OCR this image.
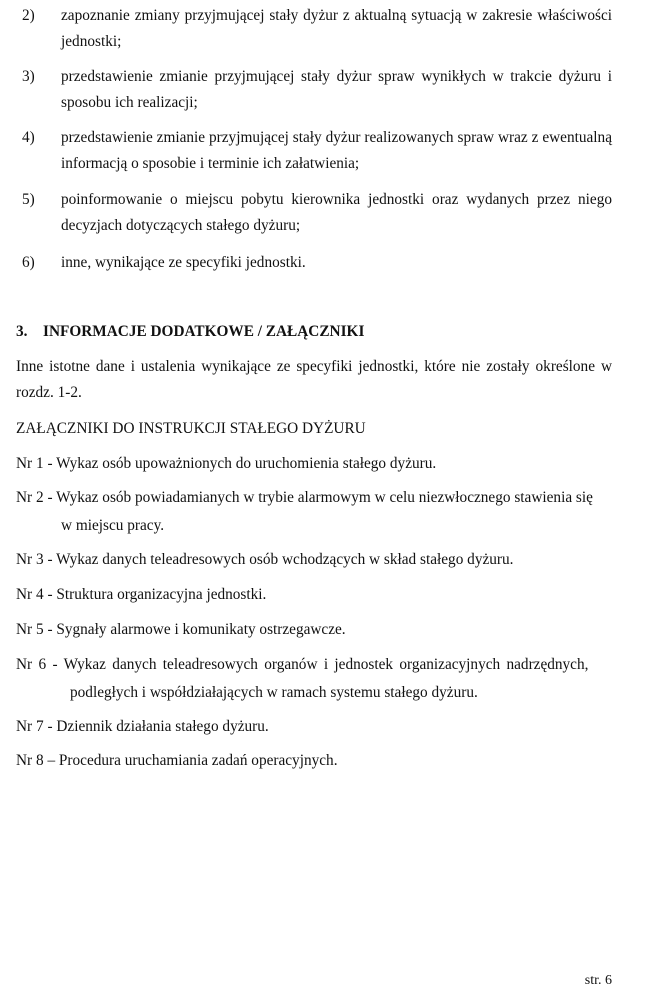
2)	zapoznanie zmiany przyjmującej stały dyżur z aktualną sytuacją w zakresie właściwości jednostki;
3)	przedstawienie zmianie przyjmującej stały dyżur spraw wynikłych w trakcie dyżuru i sposobu ich realizacji;
4)	przedstawienie zmianie przyjmującej stały dyżur realizowanych spraw wraz z ewentualną informacją o sposobie i terminie ich załatwienia;
5)	poinformowanie o miejscu pobytu kierownika jednostki oraz wydanych przez niego decyzjach dotyczących stałego dyżuru;
6)	inne, wynikające ze specyfiki jednostki.
3. INFORMACJE DODATKOWE / ZAŁĄCZNIKI
Inne istotne dane i ustalenia wynikające ze specyfiki jednostki, które nie zostały określone w rozdz. 1-2.
ZAŁĄCZNIKI DO INSTRUKCJI STAŁEGO DYŻURU
Nr 1 - Wykaz osób upoważnionych do uruchomienia stałego dyżuru.
Nr 2 - Wykaz osób powiadamianych w trybie alarmowym w celu niezwłocznego stawienia się
w miejscu pracy.
Nr 3 - Wykaz danych teleadresowych osób wchodzących w skład stałego dyżuru.
Nr 4 - Struktura organizacyjna jednostki.
Nr 5 - Sygnały alarmowe i komunikaty ostrzegawcze.
Nr 6 - Wykaz danych teleadresowych organów i jednostek organizacyjnych nadrzędnych,
podległych i współdziałających w ramach systemu stałego dyżuru.
Nr 7 - Dziennik działania stałego dyżuru.
Nr 8 – Procedura uruchamiania zadań operacyjnych.
str. 6
